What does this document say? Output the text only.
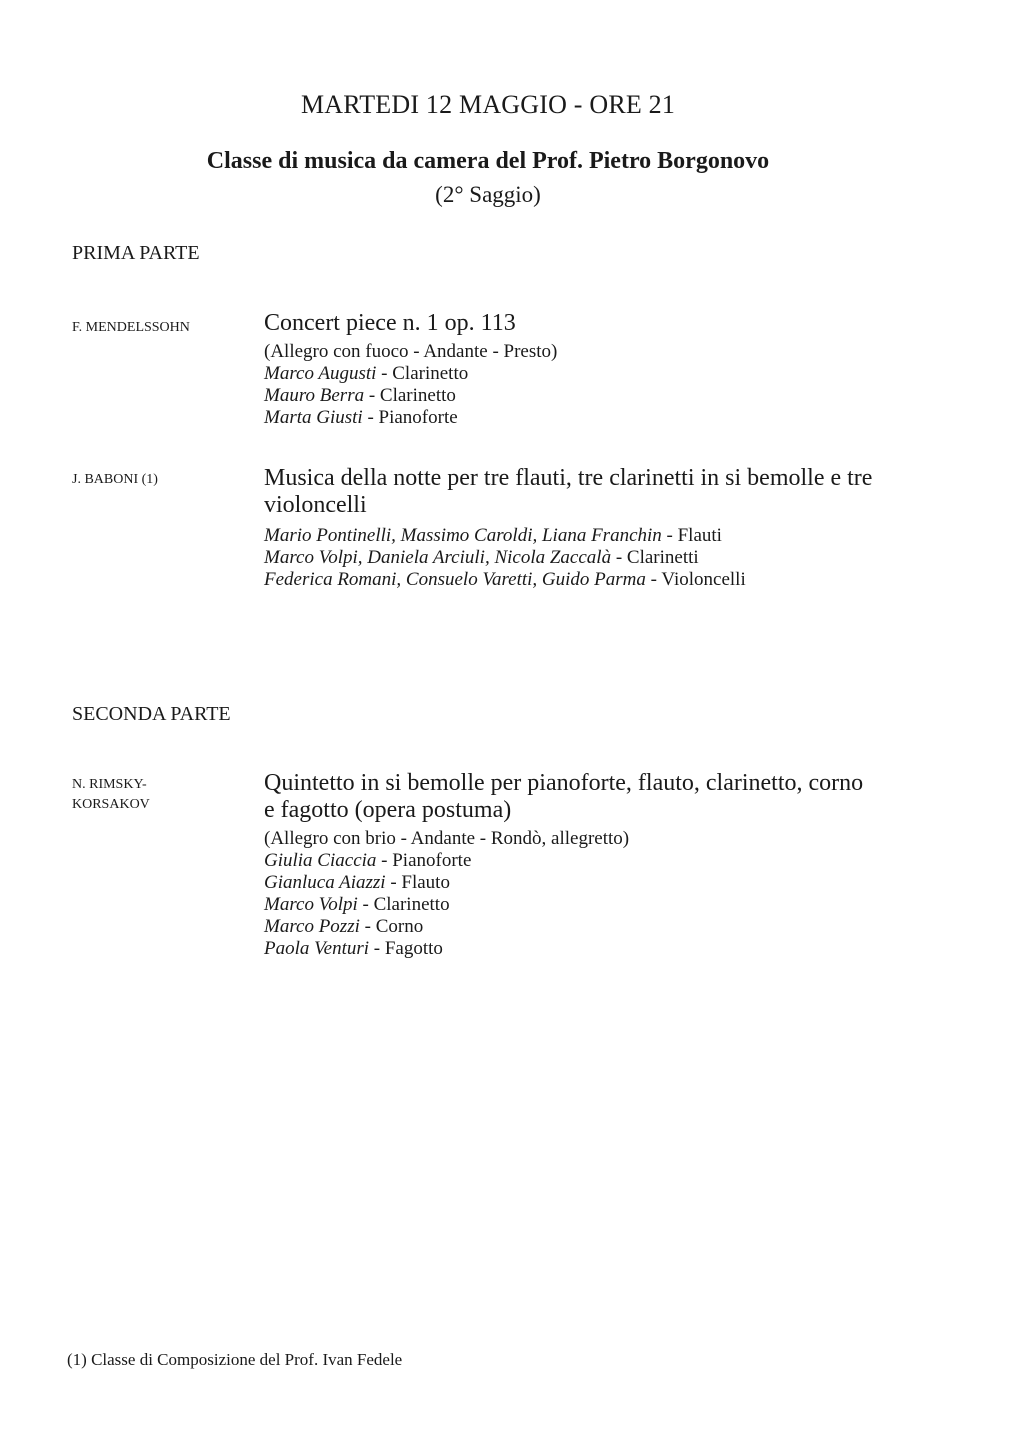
MARTEDI 12 MAGGIO - ORE 21
Classe di musica da camera del Prof. Pietro Borgonovo
(2° Saggio)
PRIMA PARTE
F. MENDELSSOHN	Concert piece n. 1 op. 113
(Allegro con fuoco - Andante - Presto)
Marco Augusti - Clarinetto
Mauro Berra - Clarinetto
Marta Giusti - Pianoforte
J. BABONI (1)	Musica della notte per tre flauti, tre clarinetti in si bemolle e tre violoncelli
Mario Pontinelli, Massimo Caroldi, Liana Franchin - Flauti
Marco Volpi, Daniela Arciuli, Nicola Zaccalà - Clarinetti
Federica Romani, Consuelo Varetti, Guido Parma - Violoncelli
SECONDA PARTE
N. RIMSKY-KORSAKOV
Quintetto in si bemolle per pianoforte, flauto, clarinetto, corno e fagotto (opera postuma)
(Allegro con brio - Andante - Rondò, allegretto)
Giulia Ciaccia - Pianoforte
Gianluca Aiazzi - Flauto
Marco Volpi - Clarinetto
Marco Pozzi - Corno
Paola Venturi - Fagotto
(1) Classe di Composizione del Prof. Ivan Fedele
